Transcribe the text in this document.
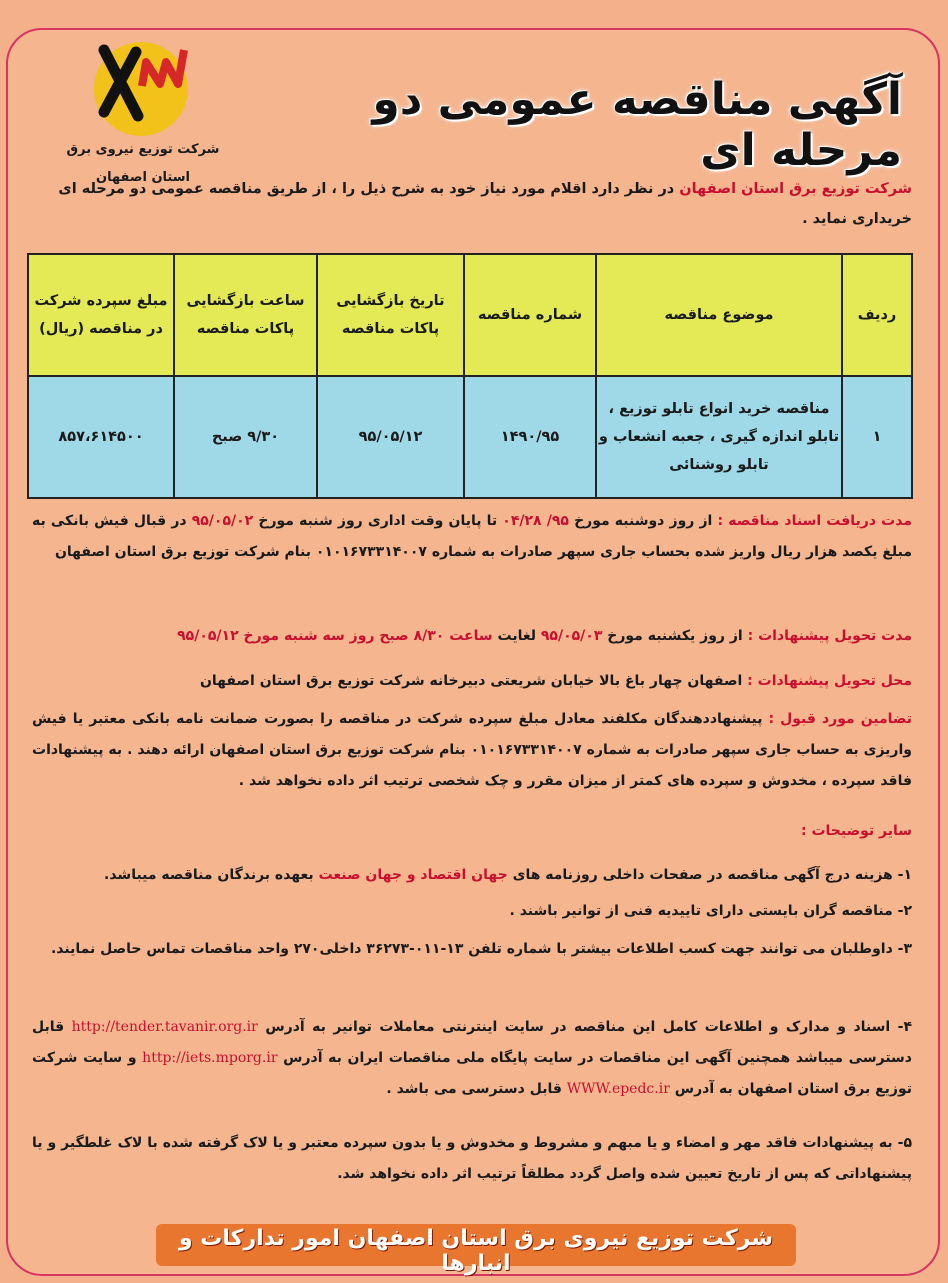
شرکت توزیع نیروی برق
استان اصفهان
آگهی مناقصه عمومی دو مرحله ای
شرکت توزیع برق استان اصفهان در نظر دارد اقلام مورد نیاز خود به شرح ذیل را ، از طریق مناقصه عمومی دو مرحله ای خریداری نماید .
ردیف	موضوع مناقصه	شماره مناقصه	تاریخ بازگشایی پاکات مناقصه	ساعت بازگشایی پاکات مناقصه	مبلغ سپرده شرکت در مناقصه (ریال)
۱	مناقصه خرید انواع تابلو توزیع ، تابلو اندازه گیری ، جعبه انشعاب و تابلو روشنائی	۱۴۹۰/۹۵	۹۵/۰۵/۱۲	۹/۳۰ صبح	۸۵۷،۶۱۴۵۰۰
مدت دریافت اسناد مناقصه : از روز دوشنبه مورخ ۹۵/ ۰۴/۲۸ تا پایان وقت اداری روز شنبه مورخ ۹۵/۰۵/۰۲ در قبال فیش بانکی به مبلغ یکصد هزار ریال واریز شده بحساب جاری سپهر صادرات به شماره ۰۱۰۱۶۷۳۳۱۴۰۰۷ بنام شرکت توزیع برق استان اصفهان
مدت تحویل پیشنهادات : از روز یکشنبه مورخ ۹۵/۰۵/۰۳ لغایت ساعت ۸/۳۰ صبح روز سه شنبه مورخ ۹۵/۰۵/۱۲
محل تحویل پیشنهادات : اصفهان چهار باغ بالا خیابان شریعتی دبیرخانه شرکت توزیع برق استان اصفهان
تضامین مورد قبول : پیشنهاددهندگان مکلفند معادل مبلغ سپرده شرکت در مناقصه را بصورت ضمانت نامه بانکی معتبر یا فیش واریزی به حساب جاری سپهر صادرات به شماره ۰۱۰۱۶۷۳۳۱۴۰۰۷ بنام شرکت توزیع برق استان اصفهان ارائه دهند . به پیشنهادات فاقد سپرده ، مخدوش و سپرده های کمتر از میزان مقرر و چک شخصی ترتیب اثر داده نخواهد شد .
سایر توضیحات :
۱- هزینه درج آگهی مناقصه در صفحات داخلی روزنامه های جهان اقتصاد و جهان صنعت بعهده برندگان مناقصه میباشد.
۲- مناقصه گران بایستی دارای تاییدیه فنی از توانیر باشند .
۳- داوطلبان می توانند جهت کسب اطلاعات بیشتر با شماره تلفن ۱۳-۰۱۱-۳۶۲۷۳ داخلی۲۷۰ واحد مناقصات تماس حاصل نمایند.
۴- اسناد و مدارک و اطلاعات کامل این مناقصه در سایت اینترنتی معاملات توانیر به آدرس http://tender.tavanir.org.ir قابل دسترسی میباشد همچنین آگهی این مناقصات در سایت پایگاه ملی مناقصات ایران به آدرس http://iets.mporg.ir و سایت شرکت توزیع برق استان اصفهان به آدرس WWW.epedc.ir قابل دسترسی می باشد .
۵- به پیشنهادات فاقد مهر و امضاء و یا مبهم و مشروط و مخدوش و یا بدون سپرده معتبر و یا لاک گرفته شده با لاک غلطگیر و یا پیشنهاداتی که پس از تاریخ تعیین شده واصل گردد مطلقاً ترتیب اثر داده نخواهد شد.
شرکت توزیع نیروی برق استان اصفهان امور تدارکات و انبارها
